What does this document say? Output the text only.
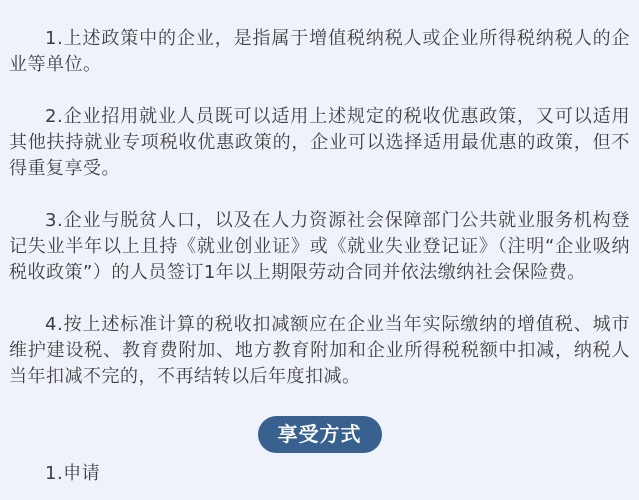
1.上述政策中的企业，是指属于增值税纳税人或企业所得税纳税人的企业等单位。

2.企业招用就业人员既可以适用上述规定的税收优惠政策，又可以适用其他扶持就业专项税收优惠政策的，企业可以选择适用最优惠的政策，但不得重复享受。

3.企业与脱贫人口，以及在人力资源社会保障部门公共就业服务机构登记失业半年以上且持《就业创业证》或《就业失业登记证》（注明“企业吸纳税收政策”）的人员签订1年以上期限劳动合同并依法缴纳社会保险费。

4.按上述标准计算的税收扣减额应在企业当年实际缴纳的增值税、城市维护建设税、教育费附加、地方教育附加和企业所得税税额中扣减，纳税人当年扣减不完的，不再结转以后年度扣减。

享受方式

1.申请
